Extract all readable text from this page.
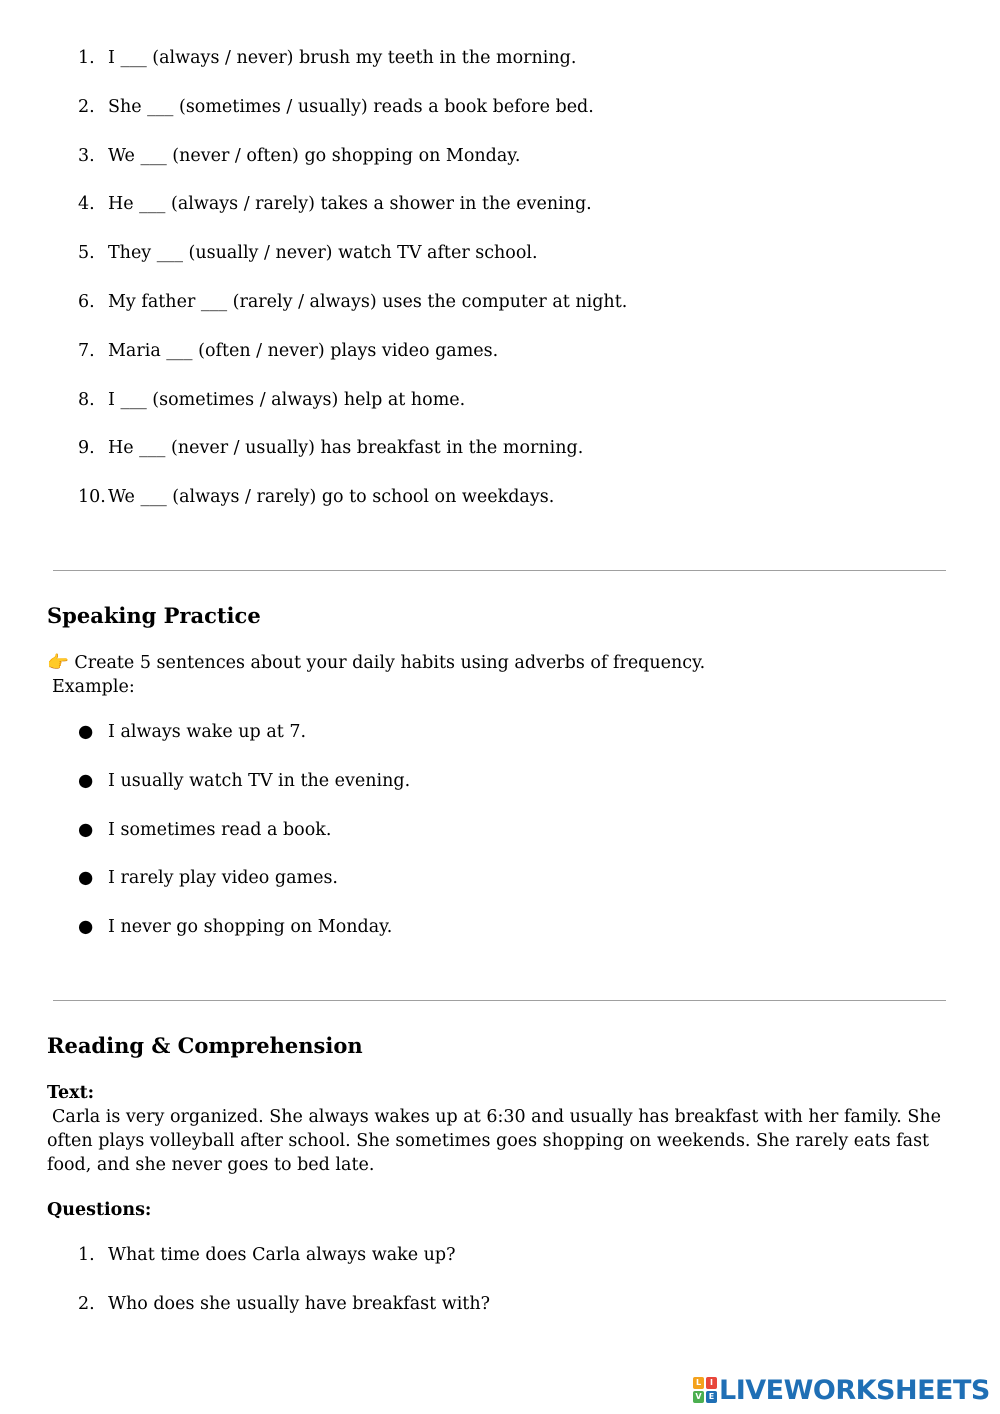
1. I ___ (always / never) brush my teeth in the morning.
2. She ___ (sometimes / usually) reads a book before bed.
3. We ___ (never / often) go shopping on Monday.
4. He ___ (always / rarely) takes a shower in the evening.
5. They ___ (usually / never) watch TV after school.
6. My father ___ (rarely / always) uses the computer at night.
7. Maria ___ (often / never) plays video games.
8. I ___ (sometimes / always) help at home.
9. He ___ (never / usually) has breakfast in the morning.
10. We ___ (always / rarely) go to school on weekdays.
Speaking Practice
👉 Create 5 sentences about your daily habits using adverbs of frequency.
Example:
● I always wake up at 7.
● I usually watch TV in the evening.
● I sometimes read a book.
● I rarely play video games.
● I never go shopping on Monday.
Reading & Comprehension
Text:
Carla is very organized. She always wakes up at 6:30 and usually has breakfast with her family. She
often plays volleyball after school. She sometimes goes shopping on weekends. She rarely eats fast
food, and she never goes to bed late.
Questions:
1. What time does Carla always wake up?
2. Who does she usually have breakfast with?
L	I
V E LIVEWORKSHEETS
